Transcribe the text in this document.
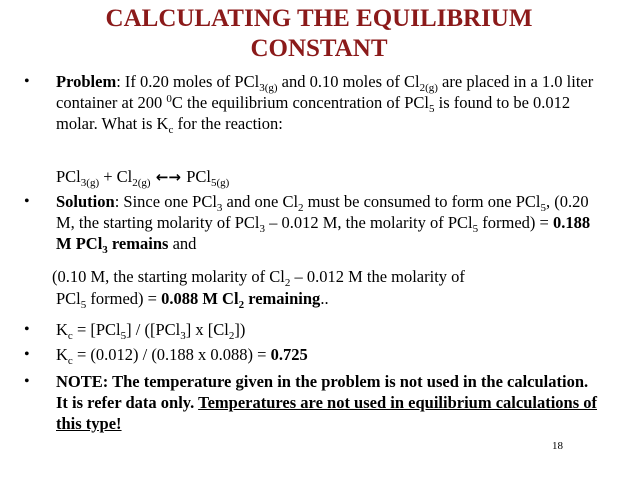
CALCULATING THE EQUILIBRIUM
CONSTANT
• Problem: If 0.20 moles of PCl$_{3(g)}$ and 0.10 moles of $Cl_{2(g)}$ are placed in a 1.0 liter container at 200 $^0$C the equilibrium concentration of PCl$_5$ is found to be 0.012 molar. What is $K_c$ for the reaction:
$PCl_{3(g)} + Cl_{2(g)}$ ←→ PCl$_{5(g)}$
• Solution: Since one PCl$_3$ and one $Cl_2$ must be consumed to form one PCl$_5$, (0.20 M, the starting molarity of PCl$_3$ – 0.012 M, the molarity of PCl$_5$ formed) = 0.188 M PCl$_3$ remains and
(0.10 M, the starting molarity of $Cl_2 - 0.012$ M the molarity of
PCl$_5$ formed) = 0.088 M $Cl_2$ remaining..
• $K_c = [PCl_5] / ([PCl_3]$ x $[Cl_2]$)
• $K_c = (0.012) / (0.188$ x 0.088) = 0.725
• NOTE: The temperature given in the problem is not used in the calculation. It is refer data only. Temperatures are not used in equilibrium calculations of this type!
18
